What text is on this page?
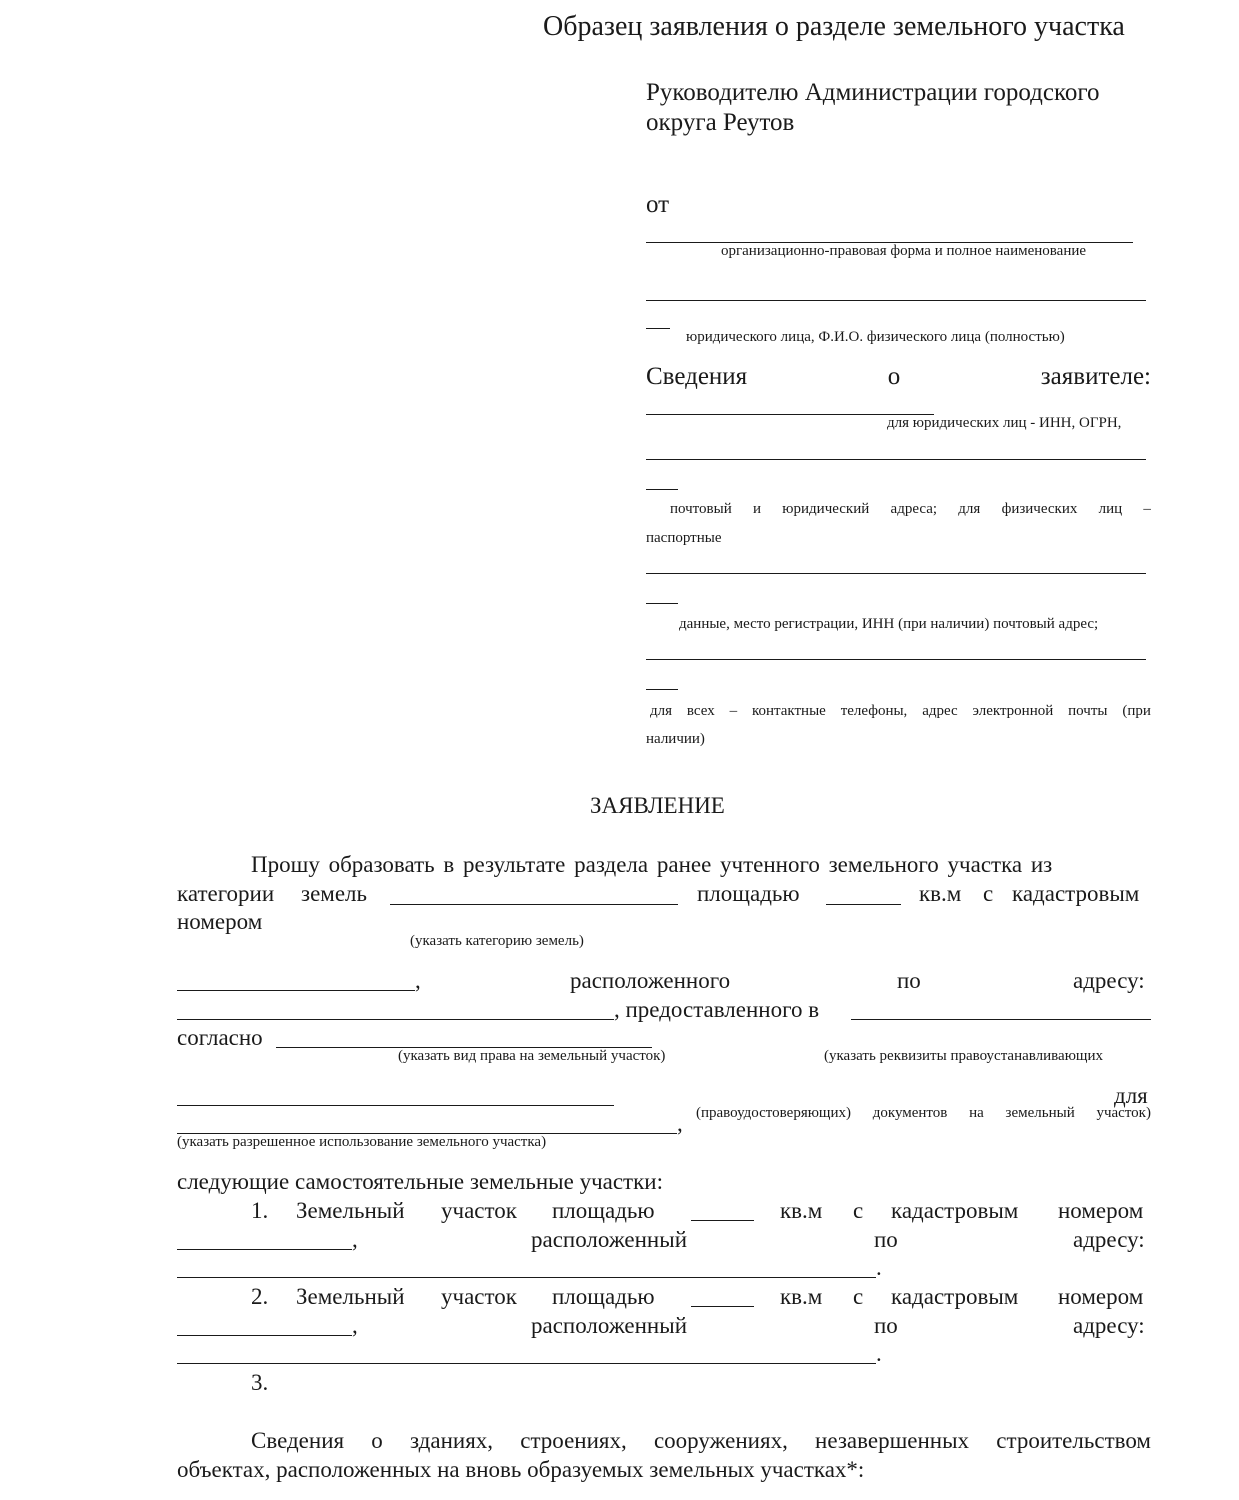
Образец заявления о разделе земельного участка
Руководителю Администрации городского
округа Реутов
от
организационно-правовая форма и полное наименование
юридического лица, Ф.И.О. физического лица (полностью)
Сведения	о	заявителе:
для юридических лиц - ИНН, ОГРН,
почтовый и юридический адреса; для физических лиц –
паспортные
данные, место регистрации, ИНН (при наличии) почтовый адрес;
для всех – контактные телефоны, адрес электронной почты (при
наличии)
ЗАЯВЛЕНИЕ
Прошу образовать в результате раздела ранее учтенного земельного участка из
категории земель	площадью	кв.м с кадастровым
номером
(указать категорию земель)
,	расположенного	по	адресу:
, предоставленного в
согласно
(указать вид права на земельный участок)	(указать реквизиты правоустанавливающих
для
(правоудостоверяющих) документов на земельный участок)
,
(указать разрешенное использование земельного участка)
следующие самостоятельные земельные участки:
1. Земельный участок площадью	кв.м с кадастровым номером
,	расположенный	по	адресу:
.
2. Земельный участок площадью	кв.м с кадастровым номером
,	расположенный	по	адресу:
.
3.
Сведения о зданиях, строениях, сооружениях, незавершенных строительством
объектах, расположенных на вновь образуемых земельных участках*:
